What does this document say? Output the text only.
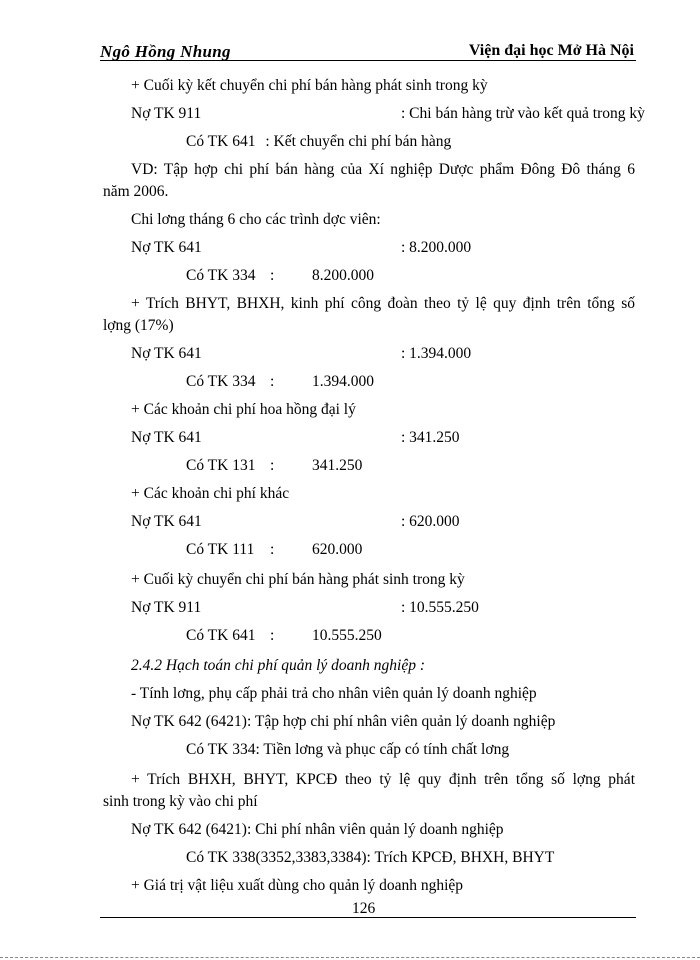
Ngô Hồng Nhung	Viện đại học Mở Hà Nội
+ Cuối kỳ kết chuyển chi phí bán hàng phát sinh trong kỳ
Nợ TK 911	: Chi bán hàng trừ vào kết quả trong kỳ
Có TK 641 : Kết chuyển chi phí bán hàng
VD: Tập hợp chi phí bán hàng của Xí nghiệp Dược phẩm Đông Đô tháng 6
năm 2006.
Chi lơng tháng 6 cho các trình dợc viên:
Nợ TK 641	: 8.200.000
Có TK 334 : 8.200.000
+ Trích BHYT, BHXH, kinh phí công đoàn theo tỷ lệ quy định trên tổng số
lợng (17%)
Nợ TK 641	: 1.394.000
Có TK 334 : 1.394.000
+ Các khoản chi phí hoa hồng đại lý
Nợ TK 641	: 341.250
Có TK 131 : 341.250
+ Các khoản chi phí khác
Nợ TK 641	: 620.000
Có TK 111 : 620.000
+ Cuối kỳ chuyển chi phí bán hàng phát sinh trong kỳ
Nợ TK 911	: 10.555.250
Có TK 641 : 10.555.250
2.4.2 Hạch toán chi phí quản lý doanh nghiệp :
- Tính lơng, phụ cấp phải trả cho nhân viên quản lý doanh nghiệp
Nợ TK 642 (6421): Tập hợp chi phí nhân viên quản lý doanh nghiệp
Có TK 334: Tiền lơng và phục cấp có tính chất lơng
+ Trích BHXH, BHYT, KPCĐ theo tỷ lệ quy định trên tổng số lợng phát
sinh trong kỳ vào chi phí
Nợ TK 642 (6421): Chi phí nhân viên quản lý doanh nghiệp
Có TK 338(3352,3383,3384): Trích KPCĐ, BHXH, BHYT
+ Giá trị vật liệu xuất dùng cho quản lý doanh nghiệp
126
